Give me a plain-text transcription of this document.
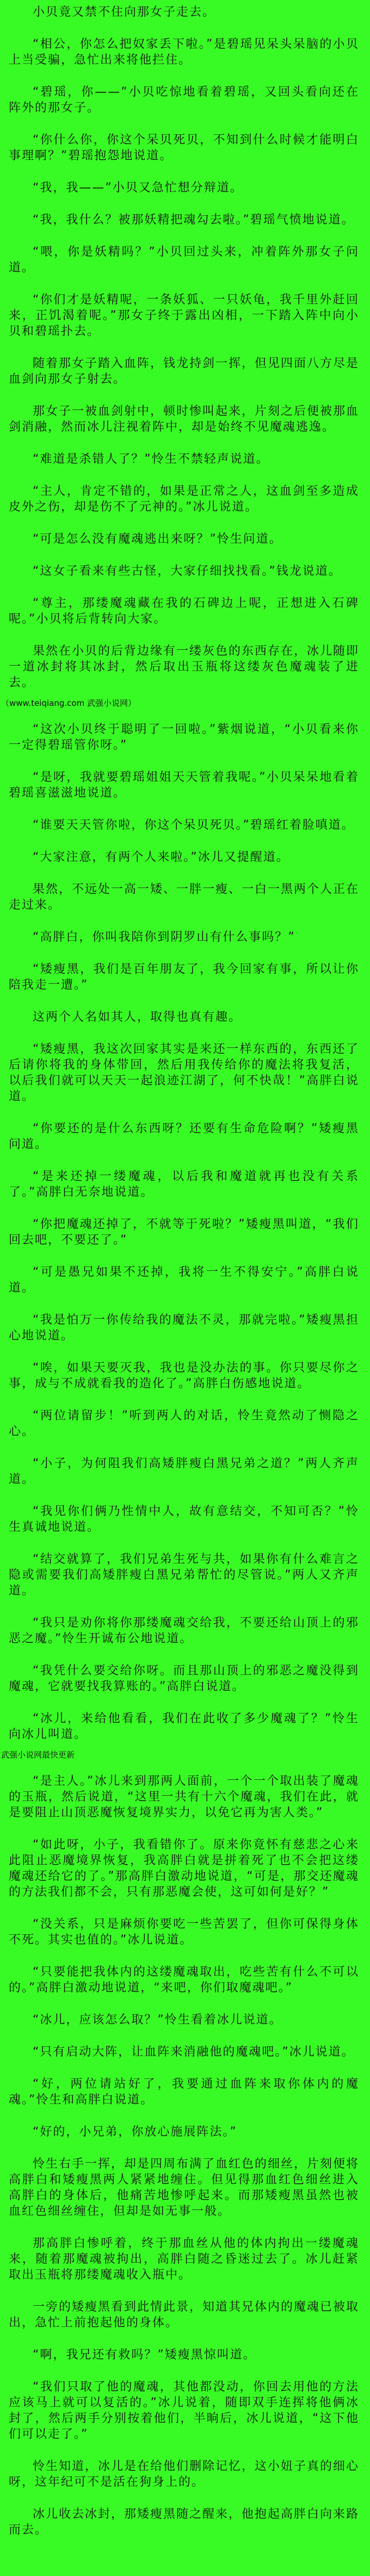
小贝竟又禁不住向那女子走去。

“相公，你怎么把奴家丢下啦。”是碧瑶见呆头呆脑的小贝上当受骗，急忙出来将他拦住。

“碧瑶，你——”小贝吃惊地看着碧瑶，又回头看向还在阵外的那女子。

“你什么你，你这个呆贝死贝，不知到什么时候才能明白事理啊？”碧瑶抱怨地说道。

“我，我——”小贝又急忙想分辩道。

“我，我什么？被那妖精把魂勾去啦。”碧瑶气愤地说道。

“喂，你是妖精吗？”小贝回过头来，冲着阵外那女子问道。

“你们才是妖精呢，一条妖狐、一只妖龟，我千里外赶回来，正饥渴着呢。”那女子终于露出凶相，一下踏入阵中向小贝和碧瑶扑去。

随着那女子踏入血阵，钱龙持剑一挥，但见四面八方尽是血剑向那女子射去。

那女子一被血剑射中，顿时惨叫起来，片刻之后便被那血剑消融，然而冰儿注视着阵中，却是始终不见魔魂逃逸。

“难道是杀错人了？”怜生不禁轻声说道。

“主人，肯定不错的，如果是正常之人，这血剑至多造成皮外之伤，却是伤不了元神的。”冰儿说道。

“可是怎么没有魔魂逃出来呀？”怜生问道。

“这女子看来有些古怪，大家仔细找找看。”钱龙说道。

“尊主，那缕魔魂藏在我的石碑边上呢，正想进入石碑呢。”小贝将后背转向大家。

果然在小贝的后背边缘有一缕灰色的东西存在，冰儿随即一道冰封将其冰封，然后取出玉瓶将这缕灰色魔魂装了进去。

（www.teiqiang.com 武强小说网）

“这次小贝终于聪明了一回啦。”紫烟说道，“小贝看来你一定得碧瑶管你呀。”

“是呀，我就要碧瑶姐姐天天管着我呢。”小贝呆呆地看着碧瑶喜滋滋地说道。

“谁要天天管你啦，你这个呆贝死贝。”碧瑶红着脸嗔道。

“大家注意，有两个人来啦。”冰儿又提醒道。

果然，不远处一高一矮、一胖一瘦、一白一黑两个人正在走过来。

“高胖白，你叫我陪你到阴罗山有什么事吗？”

“矮瘦黑，我们是百年朋友了，我今回家有事，所以让你陪我走一遭。”

这两个人名如其人，取得也真有趣。

“矮瘦黑，我这次回家其实是来还一样东西的，东西还了后请你将我的身体带回，然后用我传给你的魔法将我复活，以后我们就可以天天一起浪迹江湖了，何不快哉！”高胖白说道。

“你要还的是什么东西呀？还要有生命危险啊？”矮瘦黑问道。

“是来还掉一缕魔魂，以后我和魔道就再也没有关系了。”高胖白无奈地说道。

“你把魔魂还掉了，不就等于死啦？”矮瘦黑叫道，“我们回去吧，不要还了。”

“可是愚兄如果不还掉，我将一生不得安宁。”高胖白说道。

“我是怕万一你传给我的魔法不灵，那就完啦。”矮瘦黑担心地说道。

“唉，如果天要灭我，我也是没办法的事。你只要尽你之事，成与不成就看我的造化了。”高胖白伤感地说道。

“两位请留步！”听到两人的对话，怜生竟然动了恻隐之心。

“小子，为何阻我们高矮胖瘦白黑兄弟之道？”两人齐声道。

“我见你们俩乃性情中人，故有意结交，不知可否？”怜生真诚地说道。

“结交就算了，我们兄弟生死与共，如果你有什么难言之隐或需要我们高矮胖瘦白黑兄弟帮忙的尽管说。”两人又齐声道。

“我只是劝你将你那缕魔魂交给我，不要还给山顶上的邪恶之魔。”怜生开诚布公地说道。

“我凭什么要交给你呀。而且那山顶上的邪恶之魔没得到魔魂，它就要找我算账的。”高胖白说道。

“冰儿，来给他看看，我们在此收了多少魔魂了？”怜生向冰儿叫道。

武强小说网最快更新

“是主人。”冰儿来到那两人面前，一个一个取出装了魔魂的玉瓶，然后说道，“这里一共有十六个魔魂，我们在此，就是要阻止山顶恶魔恢复境界实力，以免它再为害人类。”

“如此呀，小子，我看错你了。原来你竟怀有慈悲之心来此阻止恶魔境界恢复，我高胖白就是拼着死了也不会把这缕魔魂还给它的了。”那高胖白激动地说道，“可是，那交还魔魂的方法我们都不会，只有那恶魔会使，这可如何是好？”

“没关系，只是麻烦你要吃一些苦罢了，但你可保得身体不死。其实也值的。”冰儿说道。

“只要能把我体内的这缕魔魂取出，吃些苦有什么不可以的。”高胖白激动地说道，“来吧，你们取魔魂吧。”

“冰儿，应该怎么取？”怜生看着冰儿说道。

“只有启动大阵，让血阵来消融他的魔魂吧。”冰儿说道。

“好，两位请站好了，我要通过血阵来取你体内的魔魂。”怜生和高胖白说道。

“好的，小兄弟，你放心施展阵法。”

怜生右手一挥，却是四周布满了血红色的细丝，片刻便将高胖白和矮瘦黑两人紧紧地缠住。但见得那血红色细丝进入高胖白的身体后，他痛苦地惨呼起来。而那矮瘦黑虽然也被血红色细丝缠住，但却是如无事一般。

那高胖白惨呼着，终于那血丝从他的体内拘出一缕魔魂来，随着那魔魂被拘出，高胖白随之昏迷过去了。冰儿赶紧取出玉瓶将那缕魔魂收入瓶中。

一旁的矮瘦黑看到此情此景，知道其兄体内的魔魂已被取出，急忙上前抱起他的身体。

“啊，我兄还有救吗？”矮瘦黑惊叫道。

“我们只取了他的魔魂，其他都没动，你回去用他的方法应该马上就可以复活的。”冰儿说着，随即双手连挥将他俩冰封了，然后两手分别按着他们，半晌后，冰儿说道，“这下他们可以走了。”

怜生知道，冰儿是在给他们删除记忆，这小妞子真的细心呀，这年纪可不是活在狗身上的。

冰儿收去冰封，那矮瘦黑随之醒来，他抱起高胖白向来路而去。
